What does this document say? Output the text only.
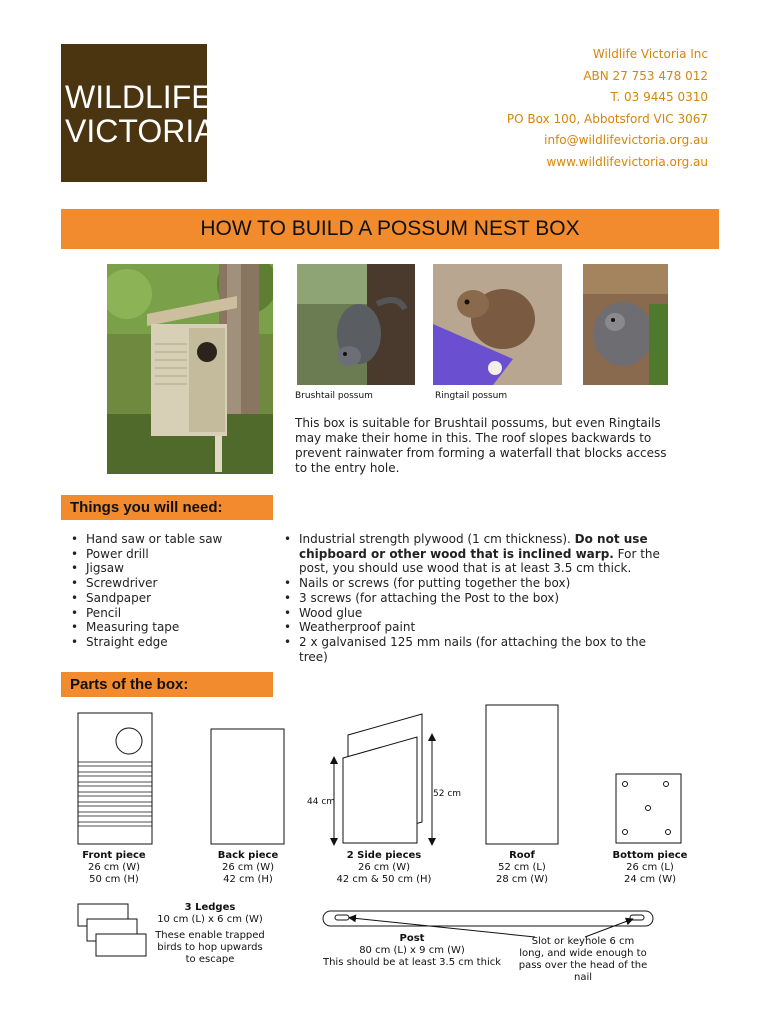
WILDLIFE
VICTORIA
Wildlife Victoria Inc
ABN 27 753 478 012
T. 03 9445 0310
PO Box 100, Abbotsford VIC 3067
info@wildlifevictoria.org.au
www.wildlifevictoria.org.au
HOW TO BUILD A POSSUM NEST BOX
Brushtail possum	Ringtail possum
This box is suitable for Brushtail possums, but even Ringtails may make their home in this. The roof slopes backwards to prevent rainwater from forming a waterfall that blocks access to the entry hole.
Things you will need:
• Hand saw or table saw
• Power drill
• Jigsaw
• Screwdriver
• Sandpaper
• Pencil
• Measuring tape
• Straight edge
• Industrial strength plywood (1 cm thickness). Do not use chipboard or other wood that is inclined warp. For the post, you should use wood that is at least 3.5 cm thick.
• Nails or screws (for putting together the box)
• 3 screws (for attaching the Post to the box)
• Wood glue
• Weatherproof paint
• 2 x galvanised 125 mm nails (for attaching the box to the tree)
Parts of the box:
44 cm
52 cm
Front piece
26 cm (W)
50 cm (H)
Back piece
26 cm (W)
42 cm (H)
2 Side pieces
26 cm (W)
42 cm & 50 cm (H)
Roof
52 cm (L)
28 cm (W)
Bottom piece
26 cm (L)
24 cm (W)
3 Ledges
10 cm (L) x 6 cm (W)
These enable trapped birds to hop upwards to escape
Post
80 cm (L) x 9 cm (W)
This should be at least 3.5 cm thick
Slot or keyhole 6 cm long, and wide enough to pass over the head of the nail
